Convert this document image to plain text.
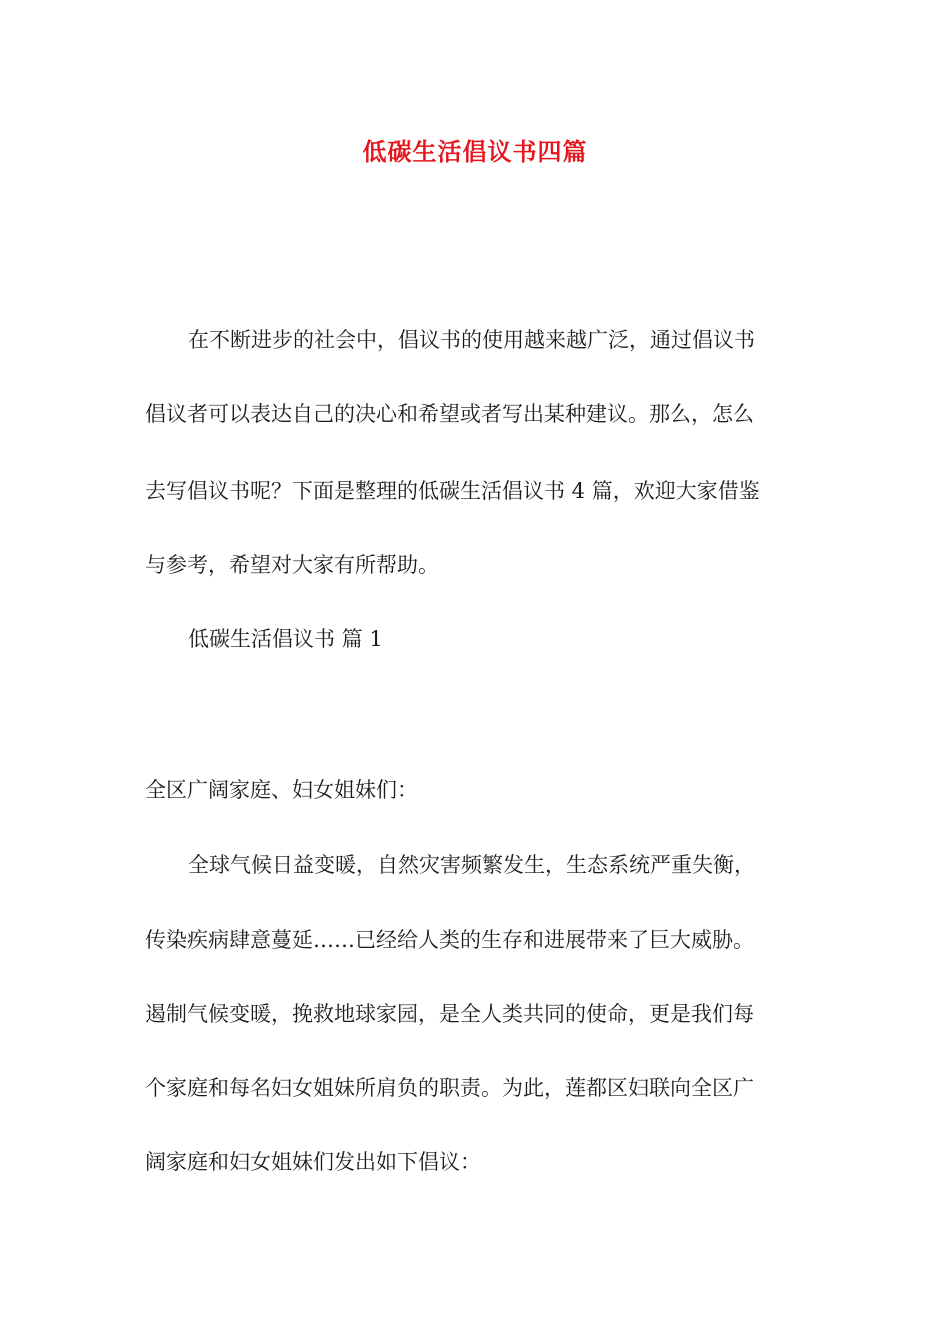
低碳生活倡议书四篇

在不断进步的社会中，倡议书的使用越来越广泛，通过倡议书

倡议者可以表达自己的决心和希望或者写出某种建议。那么，怎么

去写倡议书呢？下面是整理的低碳生活倡议书 4 篇，欢迎大家借鉴

与参考，希望对大家有所帮助。

低碳生活倡议书 篇 1

全区广阔家庭、妇女姐妹们：

全球气候日益变暖，自然灾害频繁发生，生态系统严重失衡，

传染疾病肆意蔓延……已经给人类的生存和进展带来了巨大威胁。

遏制气候变暖，挽救地球家园，是全人类共同的使命，更是我们每

个家庭和每名妇女姐妹所肩负的职责。为此，莲都区妇联向全区广

阔家庭和妇女姐妹们发出如下倡议：
